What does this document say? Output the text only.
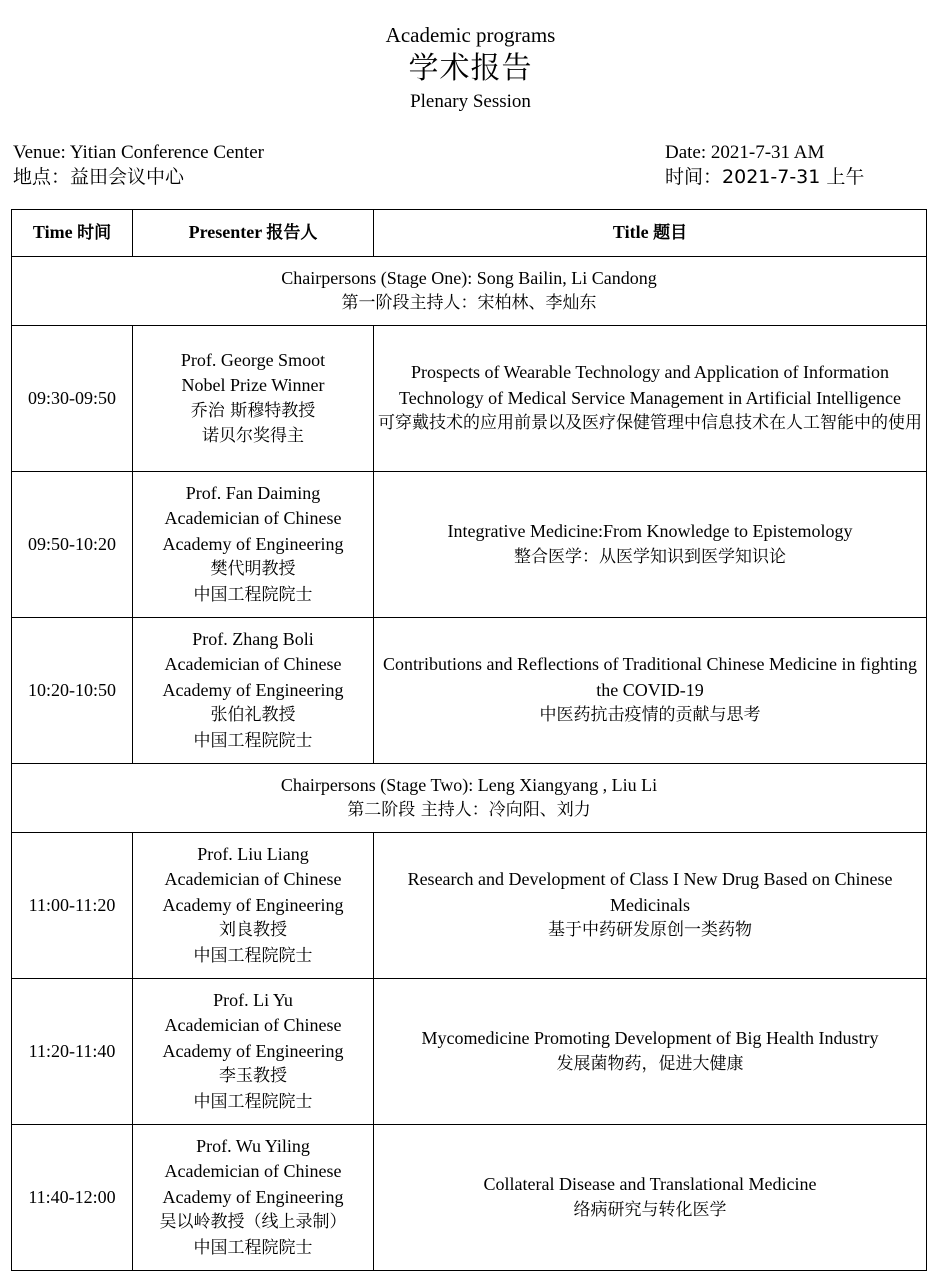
Academic programs
学术报告
Plenary Session
Venue: Yitian Conference Center
地点：益田会议中心
Date: 2021-7-31 AM
时间：2021-7-31 上午
Time 时间	Presenter 报告人	Title 题目

Chairpersons (Stage One): Song Bailin, Li Candong
第一阶段主持人：宋柏林、李灿东		

09:30-09:50	Prof. George Smoot
Nobel Prize Winner
乔治 斯穆特教授
诺贝尔奖得主	Prospects of Wearable Technology and Application of Information Technology of Medical Service Management in Artificial Intelligence
可穿戴技术的应用前景以及医疗保健管理中信息技术在人工智能中的使用

09:50-10:20	Prof. Fan Daiming
Academician of Chinese
Academy of Engineering
樊代明教授
中国工程院院士	Integrative Medicine:From Knowledge to Epistemology
整合医学：从医学知识到医学知识论

10:20-10:50	Prof. Zhang Boli
Academician of Chinese
Academy of Engineering
张伯礼教授
中国工程院院士	Contributions and Reflections of Traditional Chinese Medicine in fighting the COVID-19
中医药抗击疫情的贡献与思考

Chairpersons (Stage Two): Leng Xiangyang , Liu Li
第二阶段 主持人：冷向阳、刘力		

11:00-11:20	Prof. Liu Liang
Academician of Chinese
Academy of Engineering
刘良教授
中国工程院院士	Research and Development of Class I New Drug Based on Chinese Medicinals
基于中药研发原创一类药物

11:20-11:40	Prof. Li Yu
Academician of Chinese
Academy of Engineering
李玉教授
中国工程院院士	Mycomedicine Promoting Development of Big Health Industry
发展菌物药，促进大健康

11:40-12:00	Prof. Wu Yiling
Academician of Chinese
Academy of Engineering
吴以岭教授（线上录制）
中国工程院院士	Collateral Disease and Translational Medicine
络病研究与转化医学
